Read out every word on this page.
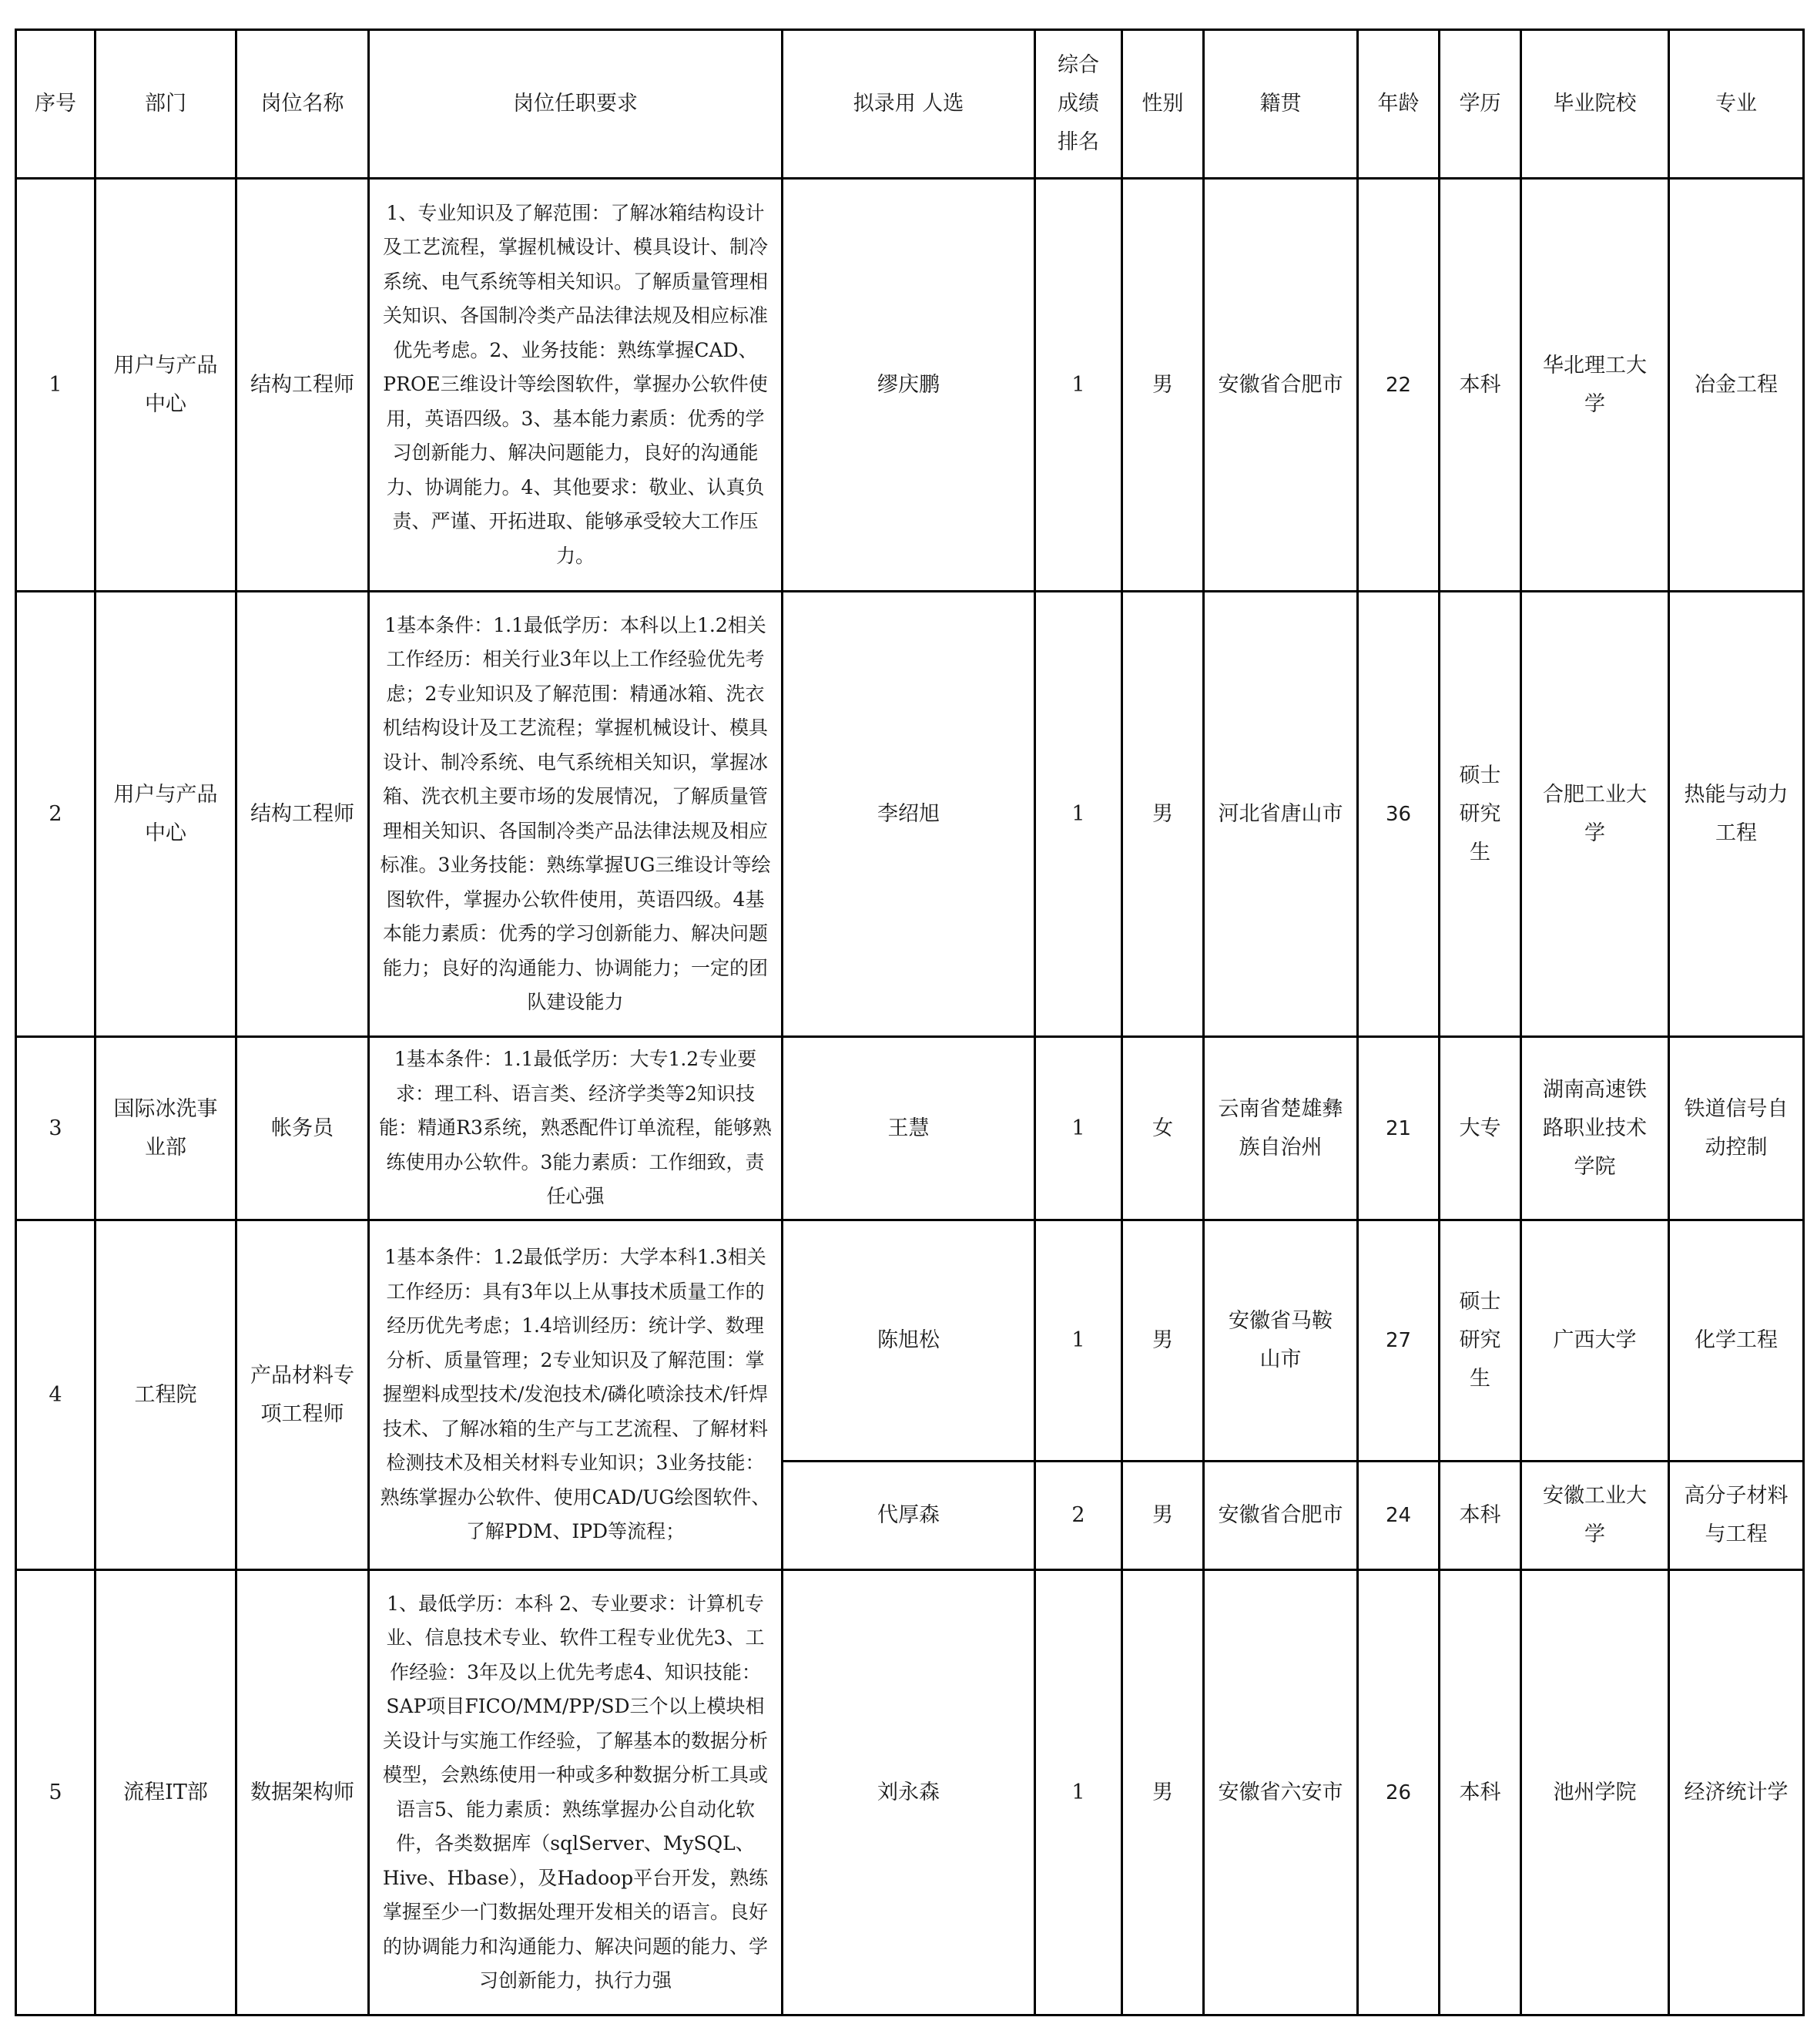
序号	部门	岗位名称	岗位任职要求	拟录用 人选	综合成绩排名	性别	籍贯	年龄	学历	毕业院校	专业
1	用户与产品中心	结构工程师	1、专业知识及了解范围：了解冰箱结构设计及工艺流程，掌握机械设计、模具设计、制冷系统、电气系统等相关知识。了解质量管理相关知识、各国制冷类产品法律法规及相应标准优先考虑。2、业务技能：熟练掌握CAD、PROE三维设计等绘图软件，掌握办公软件使用，英语四级。3、基本能力素质：优秀的学习创新能力、解决问题能力，良好的沟通能力、协调能力。4、其他要求：敬业、认真负责、严谨、开拓进取、能够承受较大工作压力。	缪庆鹏	1	男	安徽省合肥市	22	本科	华北理工大学	冶金工程
2	用户与产品中心	结构工程师	1基本条件：1.1最低学历：本科以上1.2相关工作经历：相关行业3年以上工作经验优先考虑；2专业知识及了解范围：精通冰箱、洗衣机结构设计及工艺流程；掌握机械设计、模具设计、制冷系统、电气系统相关知识，掌握冰箱、洗衣机主要市场的发展情况，了解质量管理相关知识、各国制冷类产品法律法规及相应标准。3业务技能：熟练掌握UG三维设计等绘图软件，掌握办公软件使用，英语四级。4基本能力素质：优秀的学习创新能力、解决问题能力；良好的沟通能力、协调能力；一定的团队建设能力	李绍旭	1	男	河北省唐山市	36	硕士研究生	合肥工业大学	热能与动力工程
3	国际冰洗事业部	帐务员	1基本条件：1.1最低学历：大专1.2专业要求：理工科、语言类、经济学类等2知识技能：精通R3系统，熟悉配件订单流程，能够熟练使用办公软件。3能力素质：工作细致，责任心强	王慧	1	女	云南省楚雄彝族自治州	21	大专	湖南高速铁路职业技术学院	铁道信号自动控制
4	工程院	产品材料专项工程师	1基本条件：1.2最低学历：大学本科1.3相关工作经历：具有3年以上从事技术质量工作的经历优先考虑；1.4培训经历：统计学、数理分析、质量管理；2专业知识及了解范围：掌握塑料成型技术/发泡技术/磷化喷涂技术/钎焊技术、了解冰箱的生产与工艺流程、了解材料检测技术及相关材料专业知识；3业务技能：熟练掌握办公软件、使用CAD/UG绘图软件、了解PDM、IPD等流程；	陈旭松	1	男	安徽省马鞍山市	27	硕士研究生	广西大学	化学工程
				代厚森	2	男	安徽省合肥市	24	本科	安徽工业大学	高分子材料与工程
5	流程IT部	数据架构师	1、最低学历：本科 2、专业要求：计算机专业、信息技术专业、软件工程专业优先3、工作经验：3年及以上优先考虑4、知识技能：SAP项目FICO/MM/PP/SD三个以上模块相关设计与实施工作经验，了解基本的数据分析模型，会熟练使用一种或多种数据分析工具或语言5、能力素质：熟练掌握办公自动化软件，各类数据库（sqlServer、MySQL、Hive、Hbase），及Hadoop平台开发，熟练掌握至少一门数据处理开发相关的语言。良好的协调能力和沟通能力、解决问题的能力、学习创新能力，执行力强	刘永森	1	男	安徽省六安市	26	本科	池州学院	经济统计学
